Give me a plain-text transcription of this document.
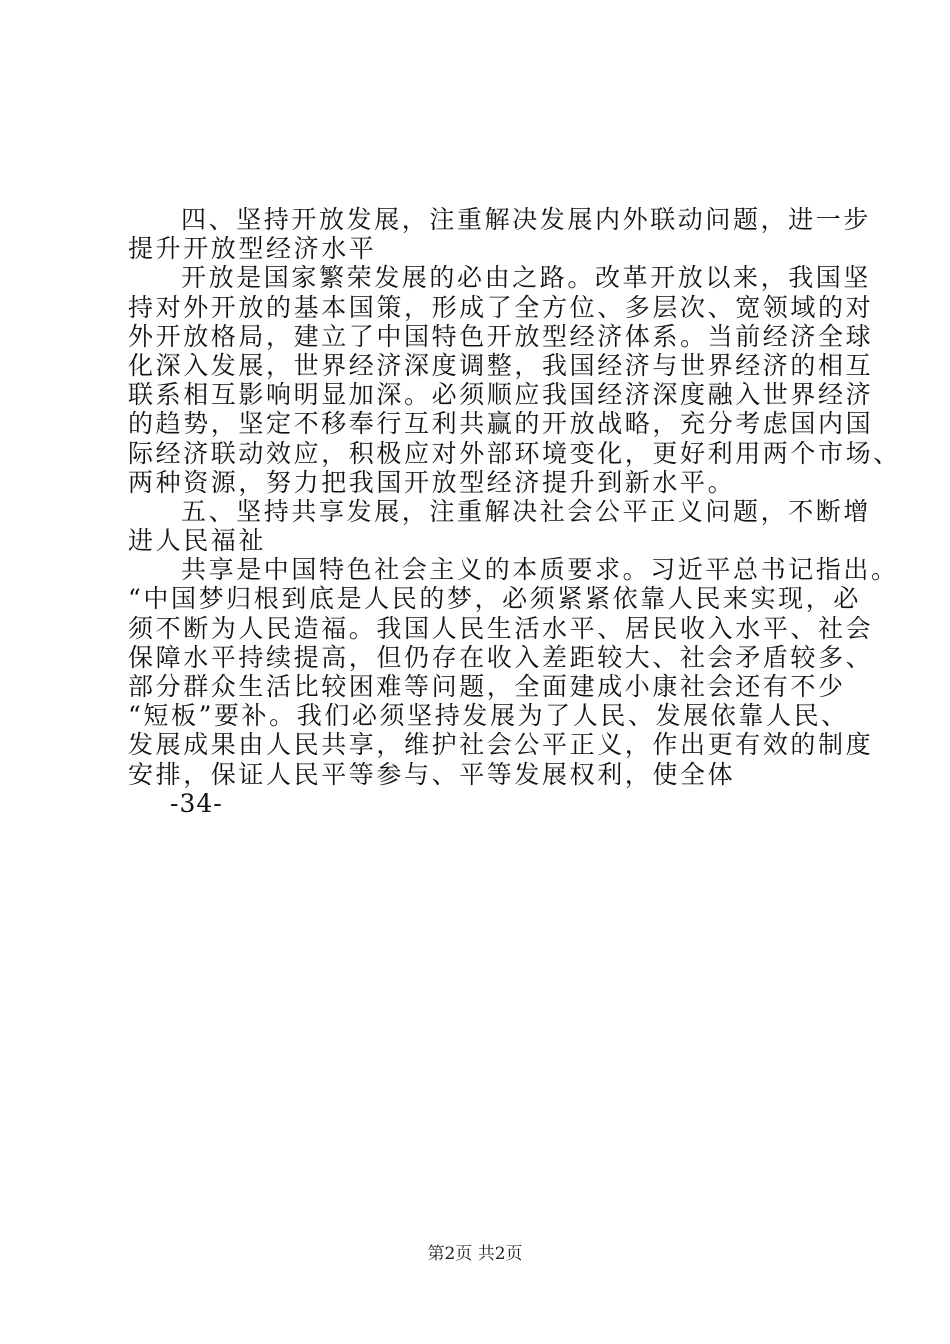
四、坚持开放发展，注重解决发展内外联动问题，进一步
提升开放型经济水平
开放是国家繁荣发展的必由之路。改革开放以来，我国坚
持对外开放的基本国策，形成了全方位、多层次、宽领域的对
外开放格局，建立了中国特色开放型经济体系。当前经济全球
化深入发展，世界经济深度调整，我国经济与世界经济的相互
联系相互影响明显加深。必须顺应我国经济深度融入世界经济
的趋势，坚定不移奉行互利共赢的开放战略，充分考虑国内国
际经济联动效应，积极应对外部环境变化，更好利用两个市场、
两种资源，努力把我国开放型经济提升到新水平。
五、坚持共享发展，注重解决社会公平正义问题，不断增
进人民福祉
共享是中国特色社会主义的本质要求。习近平总书记指出。
“中国梦归根到底是人民的梦，必须紧紧依靠人民来实现，必
须不断为人民造福。我国人民生活水平、居民收入水平、社会
保障水平持续提高，但仍存在收入差距较大、社会矛盾较多、
部分群众生活比较困难等问题，全面建成小康社会还有不少
“短板”要补。我们必须坚持发展为了人民、发展依靠人民、
发展成果由人民共享，维护社会公平正义，作出更有效的制度
安排，保证人民平等参与、平等发展权利，使全体
-34-
第2页 共2页
